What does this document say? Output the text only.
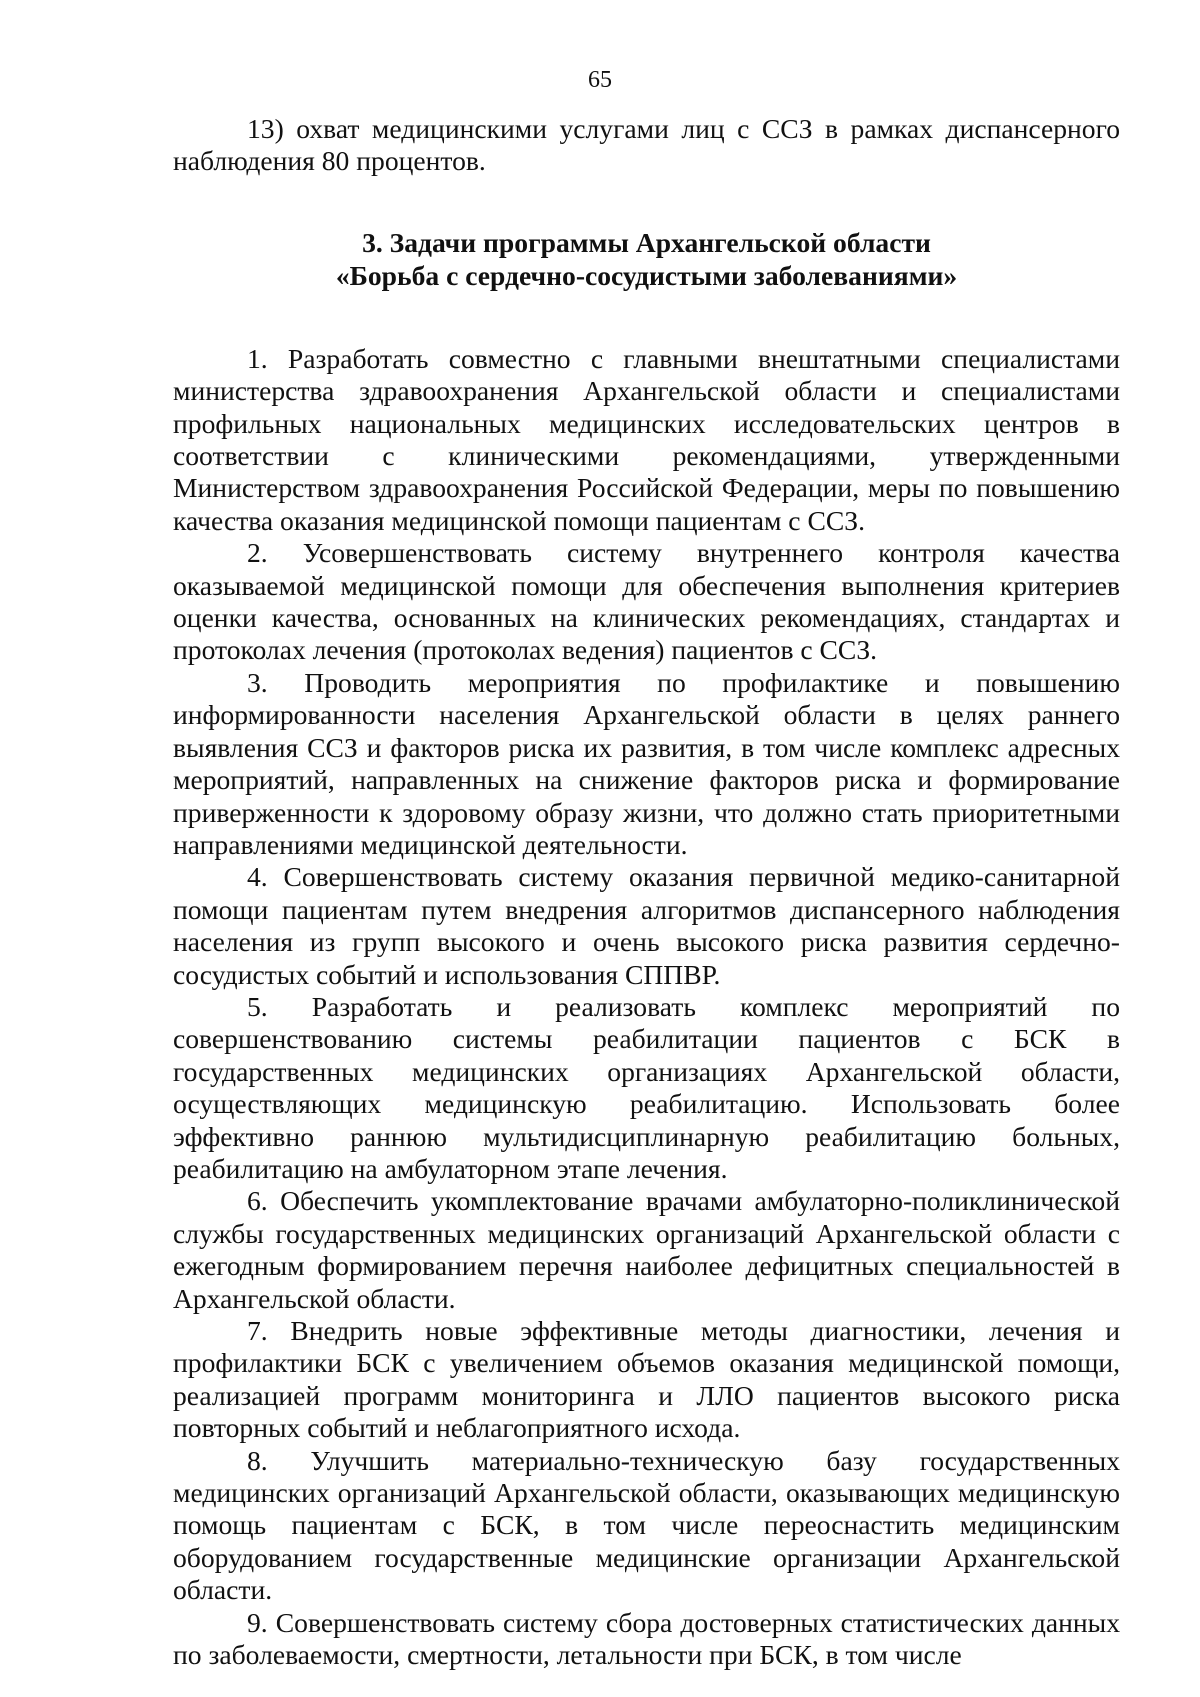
65

13) охват медицинскими услугами лиц с ССЗ в рамках диспансерного наблюдения 80 процентов.

3. Задачи программы Архангельской области
«Борьба с сердечно-сосудистыми заболеваниями»

1. Разработать совместно с главными внештатными специалистами министерства здравоохранения Архангельской области и специалистами профильных национальных медицинских исследовательских центров в соответствии с клиническими рекомендациями, утвержденными Министерством здравоохранения Российской Федерации, меры по повышению качества оказания медицинской помощи пациентам с ССЗ.

2. Усовершенствовать систему внутреннего контроля качества оказываемой медицинской помощи для обеспечения выполнения критериев оценки качества, основанных на клинических рекомендациях, стандартах и протоколах лечения (протоколах ведения) пациентов с ССЗ.

3. Проводить мероприятия по профилактике и повышению информированности населения Архангельской области в целях раннего выявления ССЗ и факторов риска их развития, в том числе комплекс адресных мероприятий, направленных на снижение факторов риска и формирование приверженности к здоровому образу жизни, что должно стать приоритетными направлениями медицинской деятельности.

4. Совершенствовать систему оказания первичной медико-санитарной помощи пациентам путем внедрения алгоритмов диспансерного наблюдения населения из групп высокого и очень высокого риска развития сердечно-сосудистых событий и использования СППВР.

5. Разработать и реализовать комплекс мероприятий по совершенствованию системы реабилитации пациентов с БСК в государственных медицинских организациях Архангельской области, осуществляющих медицинскую реабилитацию. Использовать более эффективно раннюю мультидисциплинарную реабилитацию больных, реабилитацию на амбулаторном этапе лечения.

6. Обеспечить укомплектование врачами амбулаторно-поликлинической службы государственных медицинских организаций Архангельской области с ежегодным формированием перечня наиболее дефицитных специальностей в Архангельской области.

7. Внедрить новые эффективные методы диагностики, лечения и профилактики БСК с увеличением объемов оказания медицинской помощи, реализацией программ мониторинга и ЛЛО пациентов высокого риска повторных событий и неблагоприятного исхода.

8. Улучшить материально-техническую базу государственных медицинских организаций Архангельской области, оказывающих медицинскую помощь пациентам с БСК, в том числе переоснастить медицинским оборудованием государственные медицинские организации Архангельской области.

9. Совершенствовать систему сбора достоверных статистических данных по заболеваемости, смертности, летальности при БСК, в том числе
